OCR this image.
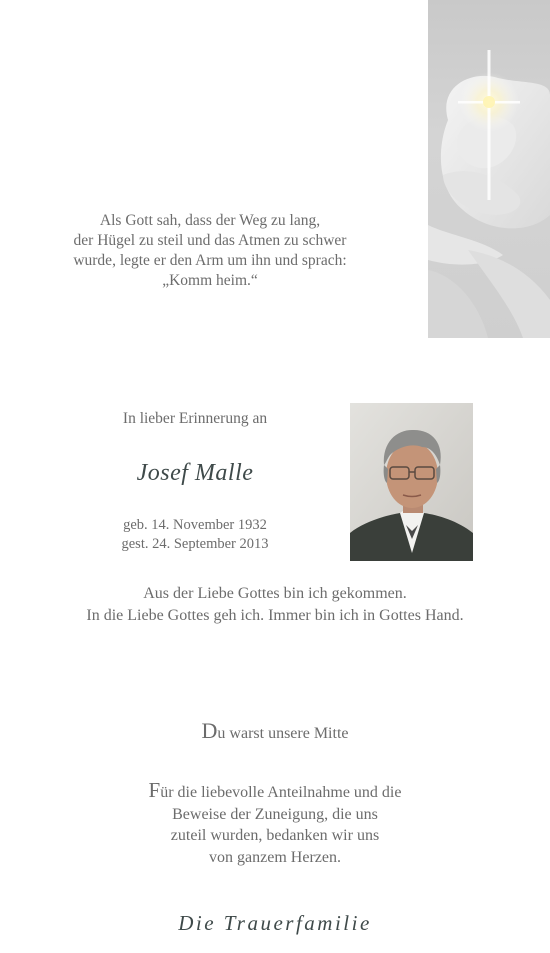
Als Gott sah, dass der Weg zu lang,
der Hügel zu steil und das Atmen zu schwer
wurde, legte er den Arm um ihn und sprach:
„Komm heim.“
In lieber Erinnerung an
Josef Malle
geb. 14. November 1932
gest. 24. September 2013
Aus der Liebe Gottes bin ich gekommen.
In die Liebe Gottes geh ich. Immer bin ich in Gottes Hand.
Du warst unsere Mitte
Für die liebevolle Anteilnahme und die
Beweise der Zuneigung, die uns
zuteil wurden, bedanken wir uns
von ganzem Herzen.
Die Trauerfamilie
